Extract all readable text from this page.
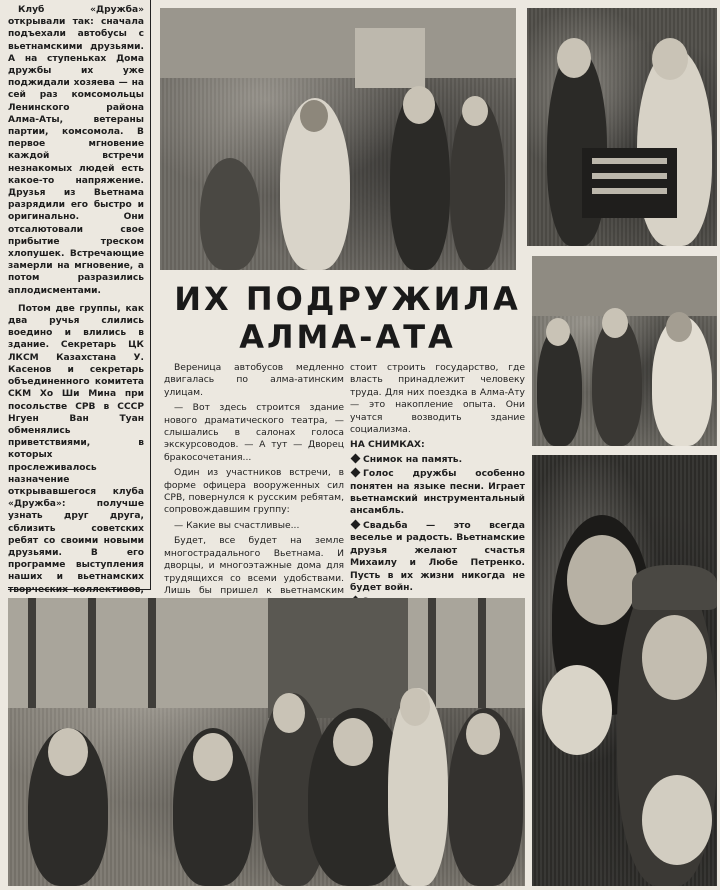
Клуб «Дружба» открывали так: сначала подъехали автобусы с вьетнамскими друзьями. А на ступеньках Дома дружбы их уже поджидали хозяева — на сей раз комсомольцы Ленинского района Алма-Аты, ветераны партии, комсомола. В первое мгновение каждой встречи незнакомых людей есть какое-то напряжение. Друзья из Вьетнама разрядили его быстро и оригинально. Они отсалютовали свое прибытие треском хлопушек. Встречающие замерли на мгновение, а потом разразились аплодисментами.

Потом две группы, как два ручья слились воедино и влились в здание. Секретарь ЦК ЛКСМ Казахстана У. Касенов и секретарь объединенного комитета СКМ Хо Ши Мина при посольстве СРВ в СССР Нгуен Ван Туан обменялись приветствиями, в которых прослеживалось назначение открывавшегося клуба «Дружба»: получше узнать друг друга, сблизить советских ребят со своими новыми друзьями. В его программе выступления наших и вьетнамских творческих коллективов,

ИХ ПОДРУЖИЛА
АЛМА-АТА

Вереница автобусов медленно двигалась по алма-атинским улицам.

— Вот здесь строится здание нового драматического театра, — слышались в салонах голоса экскурсоводов. — А тут — Дворец бракосочетания...

Один из участников встречи, в форме офицера вооруженных сил СРВ, повернулся к русским ребятам, сопровождавшим группу:

— Какие вы счастливые...

Будет, все будет на земле многострадального Вьетнама. И дворцы, и многоэтажные дома для трудящихся со всеми удобствами. Лишь бы пришел к вьетнамским

стоит строить государство, где власть принадлежит человеку труда. Для них поездка в Алма-Ату — это накопление опыта. Они учатся возводить здание социализма.
НА СНИМКАХ:
Снимок на память.
Голос дружбы особенно понятен на языке песни. Играет вьетнамский инструментальный ансамбль.
Свадьба — это всегда веселье и радость. Вьетнамские друзья желают счастья Михаилу и Любе Петренко. Пусть в их жизни никогда не будет войн.
